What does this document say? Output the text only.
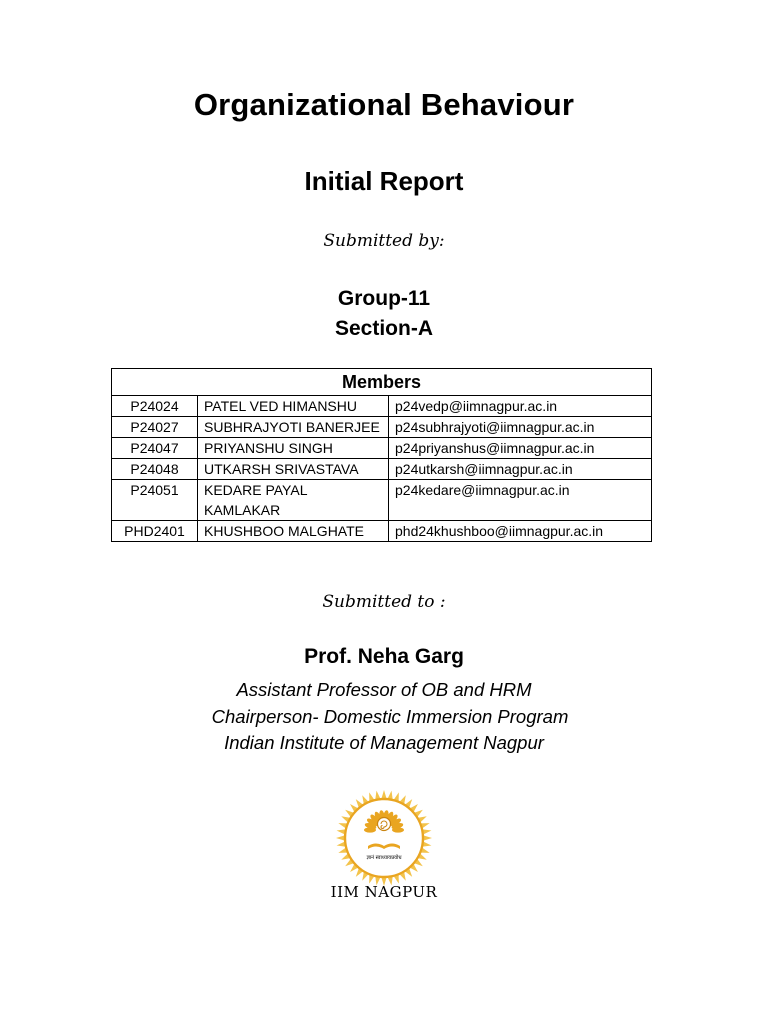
Organizational Behaviour
Initial Report
Submitted by:
Group-11
Section-A
Members		
P24024	PATEL VED HIMANSHU	p24vedp@iimnagpur.ac.in
P24027	SUBHRAJYOTI BANERJEE	p24subhrajyoti@iimnagpur.ac.in
P24047	PRIYANSHU SINGH	p24priyanshus@iimnagpur.ac.in
P24048	UTKARSH SRIVASTAVA	p24utkarsh@iimnagpur.ac.in
P24051	KEDARE PAYAL KAMLAKAR	p24kedare@iimnagpur.ac.in
PHD2401	KHUSHBOO MALGHATE	phd24khushboo@iimnagpur.ac.in
Submitted to :
Prof. Neha Garg
Assistant Professor of OB and HRM
Chairperson- Domestic Immersion Program
Indian Institute of Management Nagpur
ज्ञानं स्वाध्यायप्रवोध
IIM NAGPUR
